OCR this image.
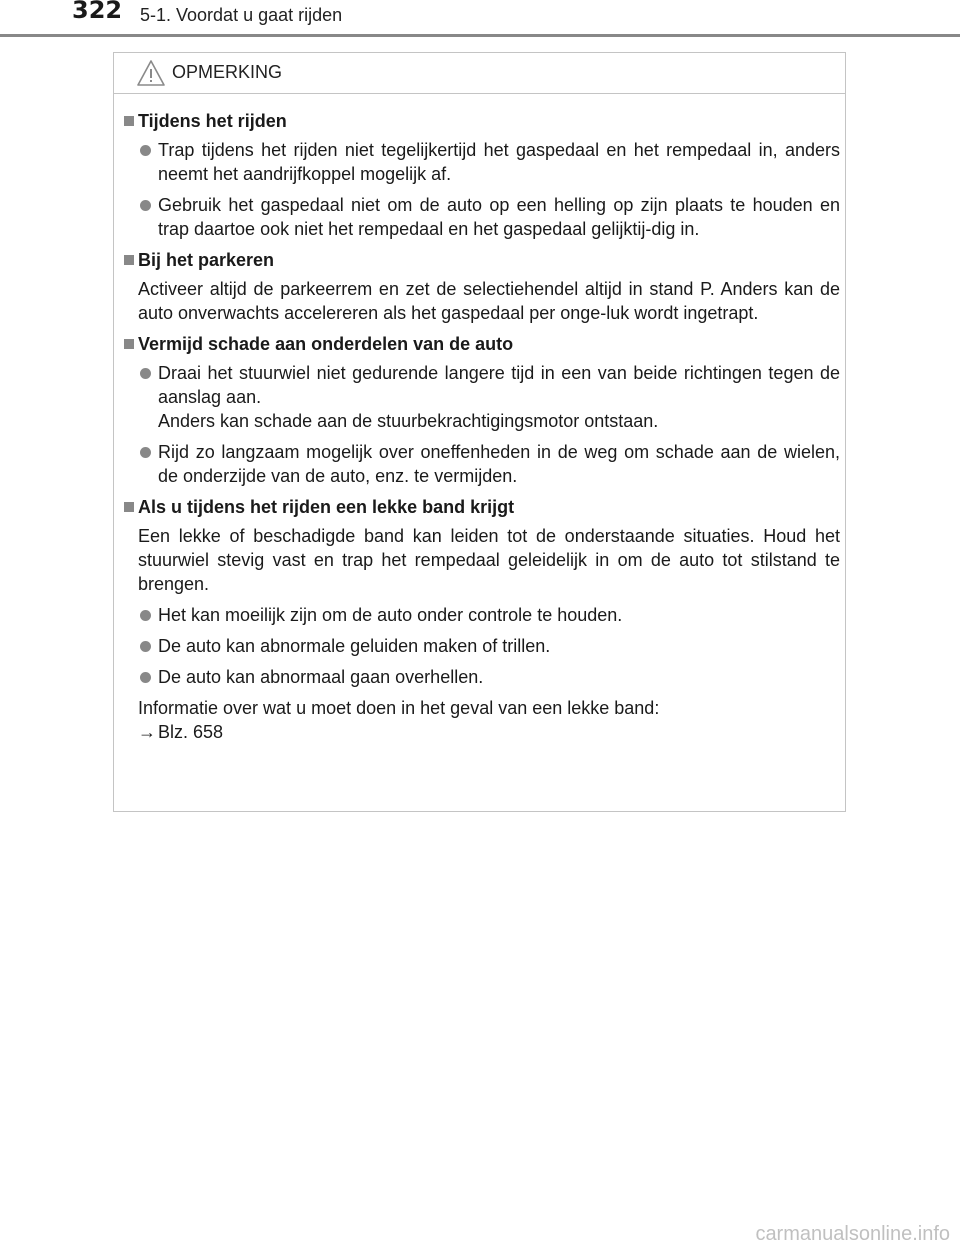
322 5-1. Voordat u gaat rijden
OPMERKING
Tijdens het rijden
Trap tijdens het rijden niet tegelijkertijd het gaspedaal en het rempedaal in, anders neemt het aandrijfkoppel mogelijk af.
Gebruik het gaspedaal niet om de auto op een helling op zijn plaats te houden en trap daartoe ook niet het rempedaal en het gaspedaal gelijktij-dig in.
Bij het parkeren
Activeer altijd de parkeerrem en zet de selectiehendel altijd in stand P. Anders kan de auto onverwachts accelereren als het gaspedaal per onge-luk wordt ingetrapt.
Vermijd schade aan onderdelen van de auto
Draai het stuurwiel niet gedurende langere tijd in een van beide richtingen tegen de aanslag aan.
Anders kan schade aan de stuurbekrachtigingsmotor ontstaan.
Rijd zo langzaam mogelijk over oneffenheden in de weg om schade aan de wielen, de onderzijde van de auto, enz. te vermijden.
Als u tijdens het rijden een lekke band krijgt
Een lekke of beschadigde band kan leiden tot de onderstaande situaties. Houd het stuurwiel stevig vast en trap het rempedaal geleidelijk in om de auto tot stilstand te brengen.
Het kan moeilijk zijn om de auto onder controle te houden.
De auto kan abnormale geluiden maken of trillen.
De auto kan abnormaal gaan overhellen.
Informatie over wat u moet doen in het geval van een lekke band:
→ Blz. 658
carmanualsonline.info
